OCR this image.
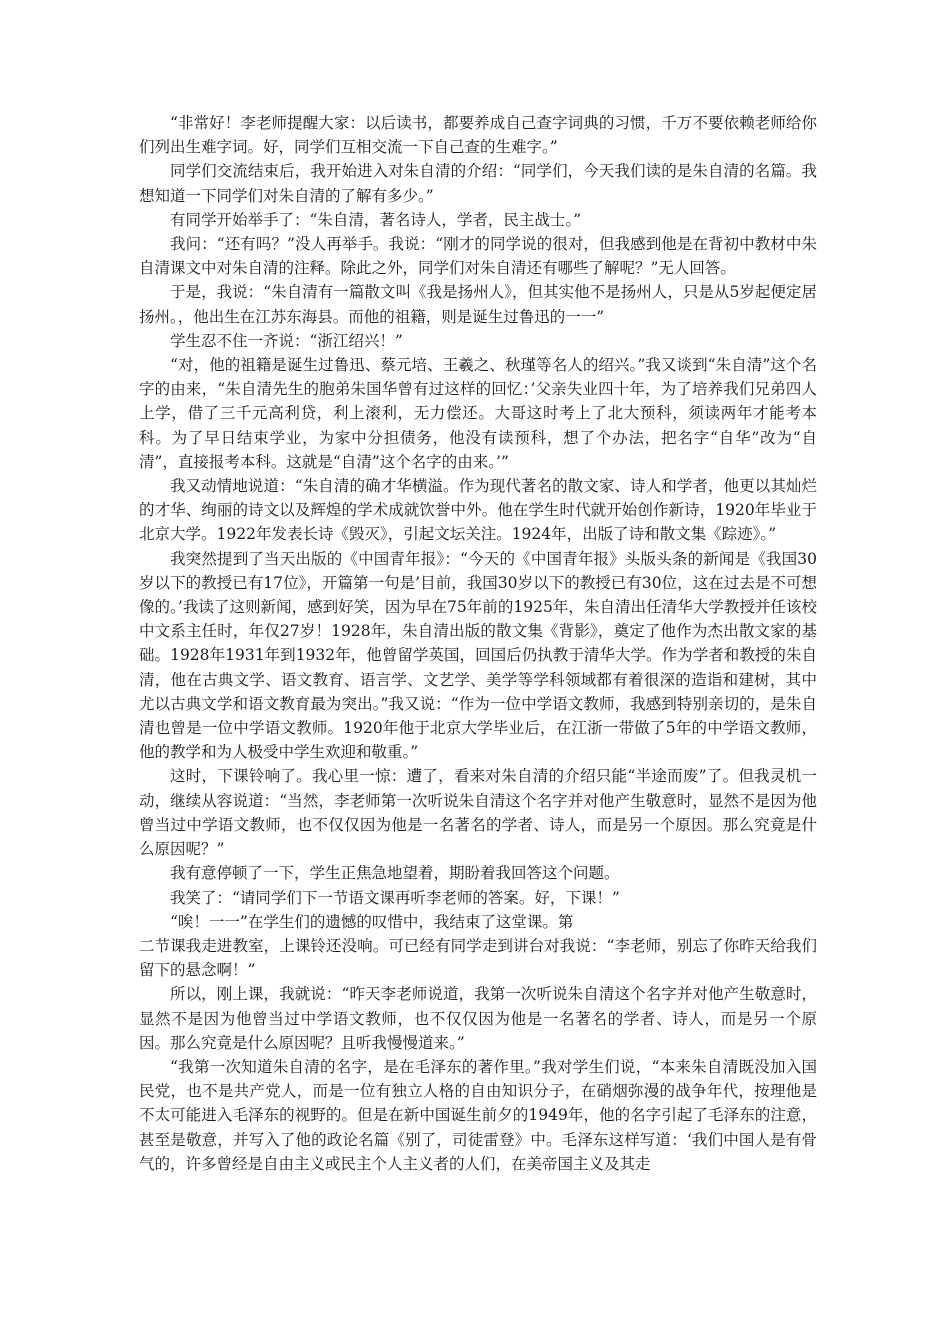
“非常好！李老师提醒大家：以后读书，都要养成自己查字词典的习惯，千万不要依赖老师给你们列出生难字词。好，同学们互相交流一下自己查的生难字。”

同学们交流结束后，我开始进入对朱自清的介绍：“同学们，今天我们读的是朱自清的名篇。我想知道一下同学们对朱自清的了解有多少。”

有同学开始举手了：“朱自清，著名诗人，学者，民主战士。”

我问：“还有吗？”没人再举手。我说：“刚才的同学说的很对，但我感到他是在背初中教材中朱自清课文中对朱自清的注释。除此之外，同学们对朱自清还有哪些了解呢？”无人回答。

于是，我说：“朱自清有一篇散文叫《我是扬州人》，但其实他不是扬州人，只是从5岁起便定居扬州。，他出生在江苏东海县。而他的祖籍，则是诞生过鲁迅的一一”

学生忍不住一齐说：“浙江绍兴！”

“对，他的祖籍是诞生过鲁迅、蔡元培、王羲之、秋瑾等名人的绍兴。”我又谈到“朱自清”这个名字的由来，“朱自清先生的胞弟朱国华曾有过这样的回忆：’父亲失业四十年，为了培养我们兄弟四人上学，借了三千元高利贷，利上滚利，无力偿还。大哥这时考上了北大预科，须读两年才能考本科。为了早日结束学业，为家中分担债务，他没有读预科，想了个办法，把名字“自华”改为“自清”，直接报考本科。这就是“自清”这个名字的由来。’”

我又动情地说道：“朱自清的确才华横溢。作为现代著名的散文家、诗人和学者，他更以其灿烂的才华、绚丽的诗文以及辉煌的学术成就饮誉中外。他在学生时代就开始创作新诗，1920年毕业于北京大学。1922年发表长诗《毁灭》，引起文坛关注。1924年，出版了诗和散文集《踪迹》。”

我突然提到了当天出版的《中国青年报》：“今天的《中国青年报》头版头条的新闻是《我国30岁以下的教授已有17位》，开篇第一句是’目前，我国30岁以下的教授已有30位，这在过去是不可想像的。’我读了这则新闻，感到好笑，因为早在75年前的1925年，朱自清出任清华大学教授并任该校中文系主任时，年仅27岁！1928年，朱自清出版的散文集《背影》，奠定了他作为杰出散文家的基础。1928年1931年到1932年，他曾留学英国，回国后仍执教于清华大学。作为学者和教授的朱自清，他在古典文学、语文教育、语言学、文艺学、美学等学科领域都有着很深的造诣和建树，其中尤以古典文学和语文教育最为突出。”我又说：“作为一位中学语文教师，我感到特别亲切的，是朱自清也曾是一位中学语文教师。1920年他于北京大学毕业后，在江浙一带做了5年的中学语文教师，他的教学和为人极受中学生欢迎和敬重。”

这时，下课铃响了。我心里一惊：遭了，看来对朱自清的介绍只能“半途而废”了。但我灵机一动，继续从容说道：“当然，李老师第一次听说朱自清这个名字并对他产生敬意时，显然不是因为他曾当过中学语文教师，也不仅仅因为他是一名著名的学者、诗人，而是另一个原因。那么究竟是什么原因呢？”

我有意停顿了一下，学生正焦急地望着，期盼着我回答这个问题。

我笑了：“请同学们下一节语文课再听李老师的答案。好，下课！”

“唉！一一”在学生们的遗憾的叹惜中，我结束了这堂课。第

二节课我走进教室，上课铃还没响。可已经有同学走到讲台对我说：“李老师，别忘了你昨天给我们留下的悬念啊！”

所以，刚上课，我就说：“昨天李老师说道，我第一次听说朱自清这个名字并对他产生敬意时，显然不是因为他曾当过中学语文教师，也不仅仅因为他是一名著名的学者、诗人，而是另一个原因。那么究竟是什么原因呢？且听我慢慢道来。”

“我第一次知道朱自清的名字，是在毛泽东的著作里。”我对学生们说，“本来朱自清既没加入国民党，也不是共产党人，而是一位有独立人格的自由知识分子，在硝烟弥漫的战争年代，按理他是不太可能进入毛泽东的视野的。但是在新中国诞生前夕的1949年，他的名字引起了毛泽东的注意，甚至是敬意，并写入了他的政论名篇《别了，司徒雷登》中。毛泽东这样写道：‘我们中国人是有骨气的，许多曾经是自由主义或民主个人主义者的人们，在美帝国主义及其走
